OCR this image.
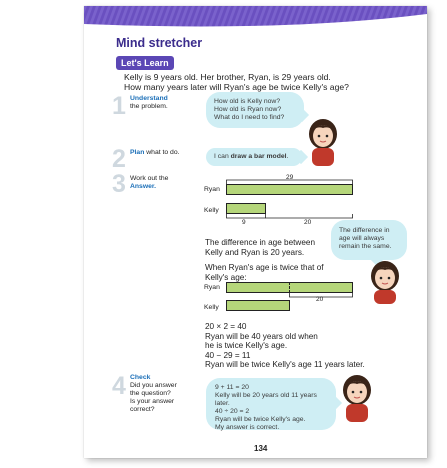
Mind stretcher
Let's Learn
Kelly is 9 years old. Her brother, Ryan, is 29 years old.
How many years later will Ryan's age be twice Kelly's age?
1 Understand
the problem.
How old is Kelly now?
How old is Ryan now?
What do I need to find?
2 Plan what to do.
I can draw a bar model.
3 Work out the
Answer.
29
Ryan
Kelly
9	20
The difference in age between
Kelly and Ryan is 20 years.
The difference in
age will always
remain the same.
When Ryan's age is twice that of
Kelly's age:
Ryan
Kelly
20
20 × 2 = 40
Ryan will be 40 years old when
he is twice Kelly's age.
40 − 29 = 11
Ryan will be twice Kelly's age 11 years later.
4 Check
Did you answer
the question?
Is your answer
correct?
9 + 11 = 20
Kelly will be 20 years old 11 years later.
40 ÷ 20 = 2
Ryan will be twice Kelly's age.
My answer is correct.
134
